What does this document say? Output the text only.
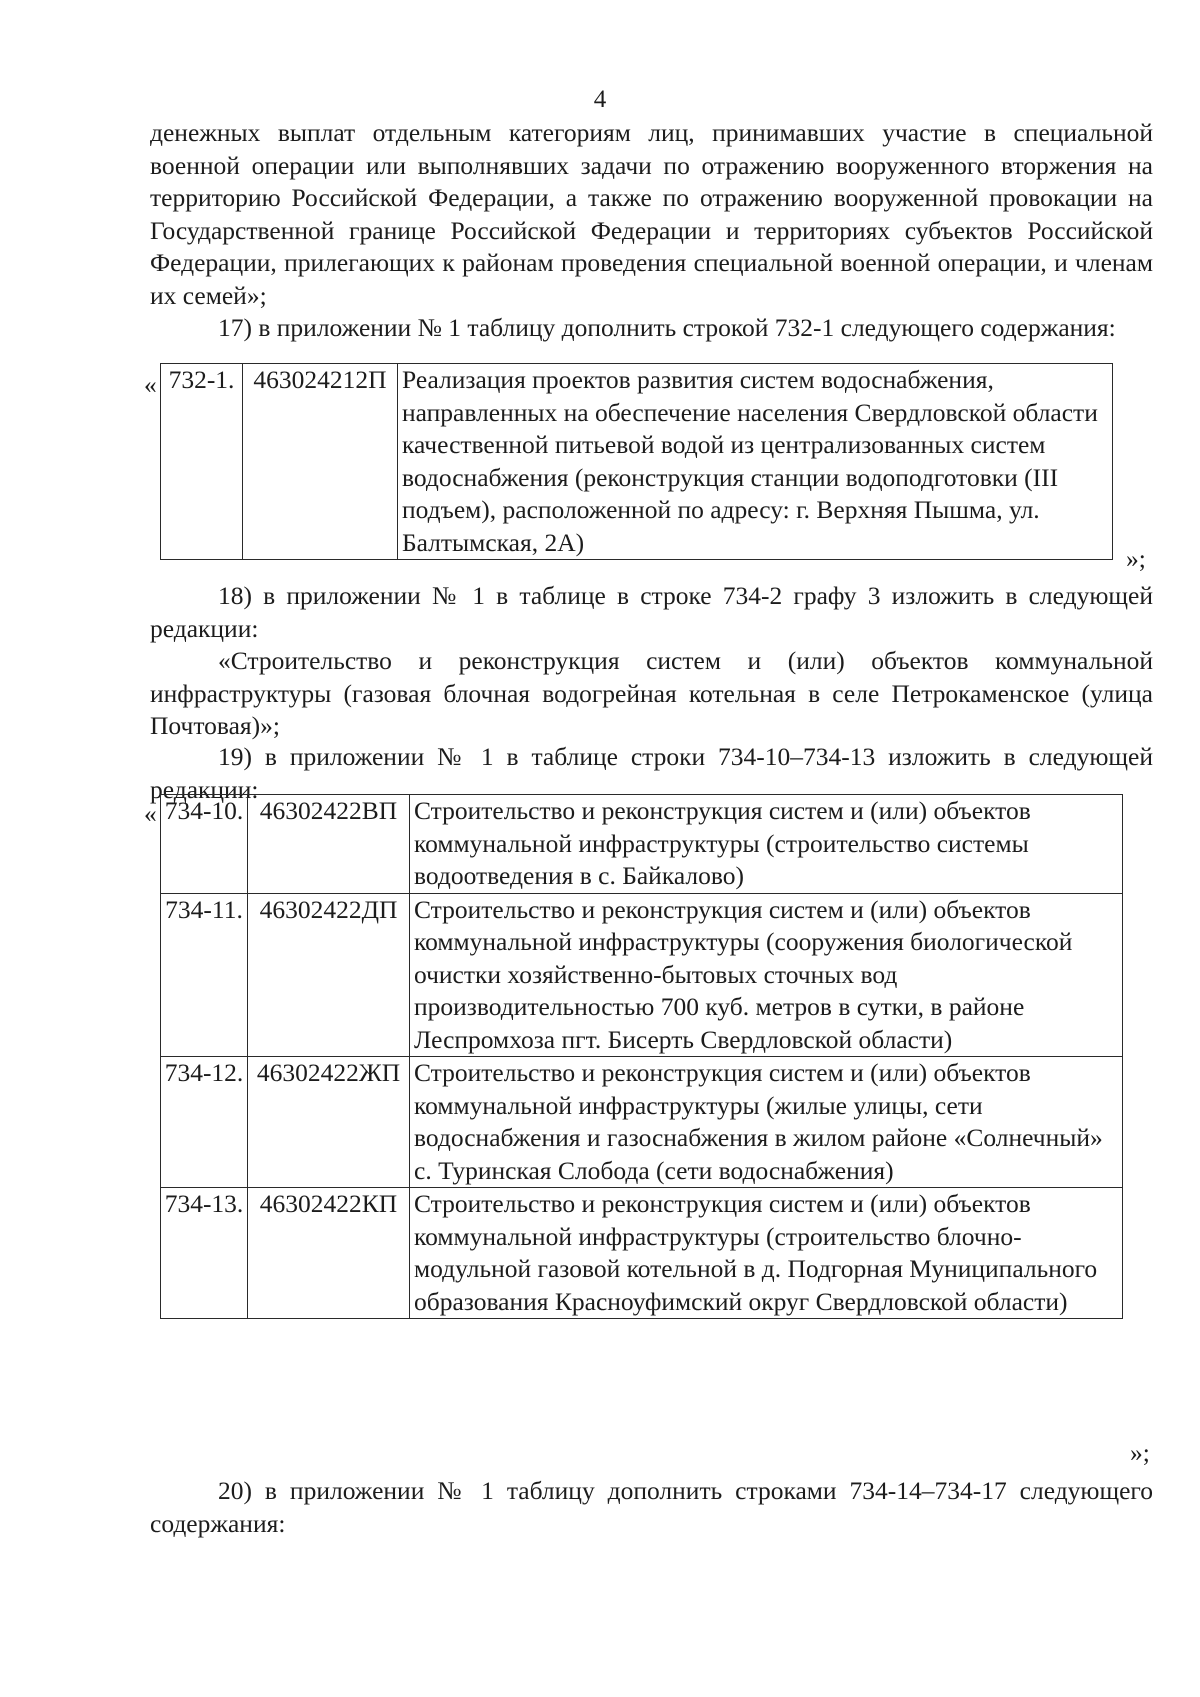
4
денежных выплат отдельным категориям лиц, принимавших участие в специальной военной операции или выполнявших задачи по отражению вооруженного вторжения на территорию Российской Федерации, а также по отражению вооруженной провокации на Государственной границе Российской Федерации и территориях субъектов Российской Федерации, прилегающих к районам проведения специальной военной операции, и членам их семей»;
17) в приложении № 1 таблицу дополнить строкой 732-1 следующего содержания:
« 732-1.	463024212П	Реализация проектов развития систем водоснабжения, направленных на обеспечение населения Свердловской области качественной питьевой водой из централизованных систем водоснабжения (реконструкция станции водоподготовки (III подъем), расположенной по адресу: г. Верхняя Пышма, ул. Балтымская, 2А)
»;
18) в приложении № 1 в таблице в строке 734-2 графу 3 изложить в следующей редакции:
«Строительство и реконструкция систем и (или) объектов коммунальной инфраструктуры (газовая блочная водогрейная котельная в селе Петрокаменское (улица Почтовая)»;
19) в приложении № 1 в таблице строки 734-10–734-13 изложить в следующей редакции:
« 734-10.	46302422ВП	Строительство и реконструкция систем и (или) объектов коммунальной инфраструктуры (строительство системы водоотведения в с. Байкалово)
734-11.	46302422ДП	Строительство и реконструкция систем и (или) объектов коммунальной инфраструктуры (сооружения биологической очистки хозяйственно-бытовых сточных вод производительностью 700 куб. метров в сутки, в районе Леспромхоза пгт. Бисерть Свердловской области)
734-12.	46302422ЖП	Строительство и реконструкция систем и (или) объектов коммунальной инфраструктуры (жилые улицы, сети водоснабжения и газоснабжения в жилом районе «Солнечный» с. Туринская Слобода (сети водоснабжения)
734-13.	46302422КП	Строительство и реконструкция систем и (или) объектов коммунальной инфраструктуры (строительство блочно-модульной газовой котельной в д. Подгорная Муниципального образования Красноуфимский округ Свердловской области)
»;
20) в приложении № 1 таблицу дополнить строками 734-14–734-17 следующего содержания:
